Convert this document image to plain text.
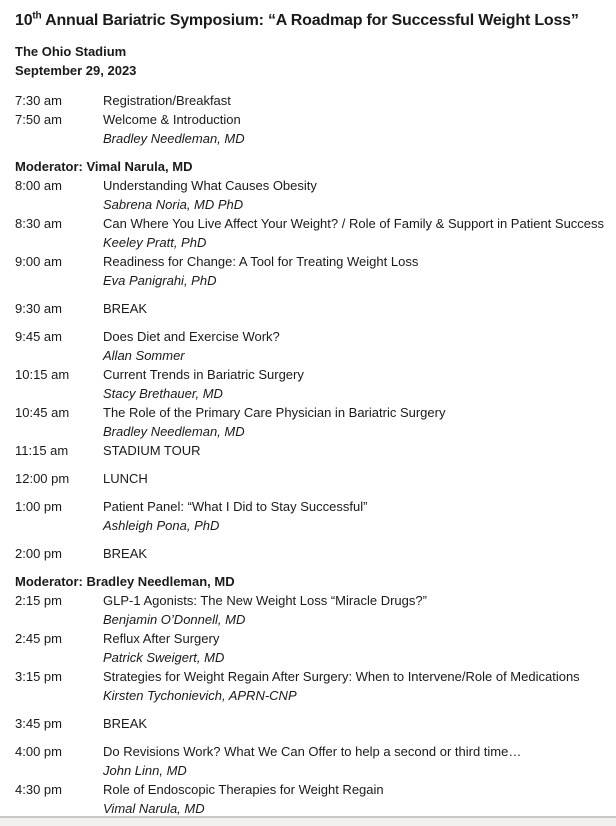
10th Annual Bariatric Symposium: “A Roadmap for Successful Weight Loss”
The Ohio Stadium
September 29, 2023
7:30 am	Registration/Breakfast
7:50 am	Welcome & Introduction
Bradley Needleman, MD
Moderator: Vimal Narula, MD
8:00 am	Understanding What Causes Obesity
Sabrena Noria, MD PhD
8:30 am	Can Where You Live Affect Your Weight? / Role of Family & Support in Patient Success
Keeley Pratt, PhD
9:00 am	Readiness for Change: A Tool for Treating Weight Loss
Eva Panigrahi, PhD
9:30 am	BREAK
9:45 am	Does Diet and Exercise Work?
Allan Sommer
10:15 am	Current Trends in Bariatric Surgery
Stacy Brethauer, MD
10:45 am	The Role of the Primary Care Physician in Bariatric Surgery
Bradley Needleman, MD
11:15 am	STADIUM TOUR
12:00 pm	LUNCH
1:00 pm	Patient Panel: “What I Did to Stay Successful”
Ashleigh Pona, PhD
2:00 pm	BREAK
Moderator: Bradley Needleman, MD
2:15 pm	GLP-1 Agonists: The New Weight Loss “Miracle Drugs?”
Benjamin O’Donnell, MD
2:45 pm	Reflux After Surgery
Patrick Sweigert, MD
3:15 pm	Strategies for Weight Regain After Surgery: When to Intervene/Role of Medications
Kirsten Tychonievich, APRN-CNP
3:45 pm	BREAK
4:00 pm	Do Revisions Work? What We Can Offer to help a second or third time…
John Linn, MD
4:30 pm	Role of Endoscopic Therapies for Weight Regain
Vimal Narula, MD
